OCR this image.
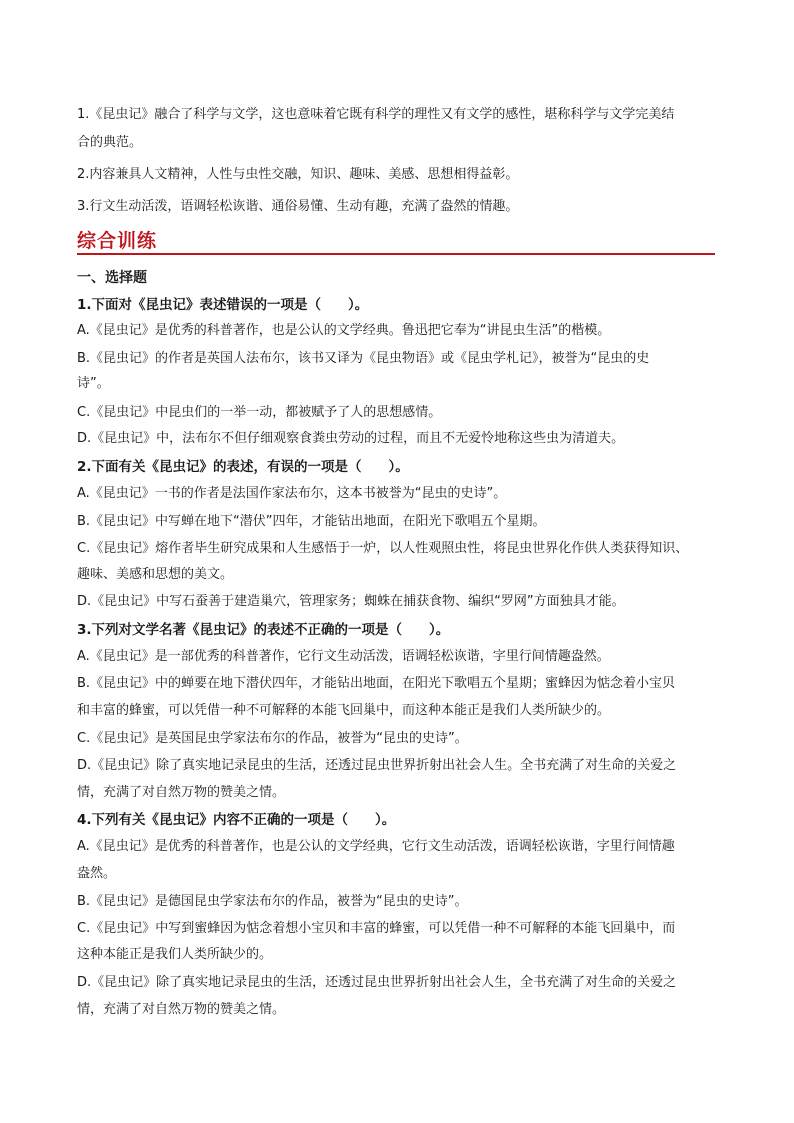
1.《昆虫记》融合了科学与文学，这也意味着它既有科学的理性又有文学的感性，堪称科学与文学完美结
合的典范。
2.内容兼具人文精神，人性与虫性交融，知识、趣味、美感、思想相得益彰。
3.行文生动活泼，语调轻松诙谐、通俗易懂、生动有趣，充满了盎然的情趣。
综合训练
一、选择题
1.下面对《昆虫记》表述错误的一项是（　　）。
A.《昆虫记》是优秀的科普著作，也是公认的文学经典。鲁迅把它奉为“讲昆虫生活”的楷模。
B.《昆虫记》的作者是英国人法布尔，该书又译为《昆虫物语》或《昆虫学札记》，被誉为“昆虫的史
诗”。
C.《昆虫记》中昆虫们的一举一动，都被赋予了人的思想感情。
D.《昆虫记》中，法布尔不但仔细观察食粪虫劳动的过程，而且不无爱怜地称这些虫为清道夫。
2.下面有关《昆虫记》的表述，有误的一项是（　　）。
A.《昆虫记》一书的作者是法国作家法布尔，这本书被誉为“昆虫的史诗”。
B.《昆虫记》中写蝉在地下“潜伏”四年，才能钻出地面，在阳光下歌唱五个星期。
C.《昆虫记》熔作者毕生研究成果和人生感悟于一炉，以人性观照虫性，将昆虫世界化作供人类获得知识、
趣味、美感和思想的美文。
D.《昆虫记》中写石蚕善于建造巢穴，管理家务；蜘蛛在捕获食物、编织“罗网”方面独具才能。
3.下列对文学名著《昆虫记》的表述不正确的一项是（　　）。
A.《昆虫记》是一部优秀的科普著作，它行文生动活泼，语调轻松诙谐，字里行间情趣盎然。
B.《昆虫记》中的蝉要在地下潜伏四年，才能钻出地面，在阳光下歌唱五个星期；蜜蜂因为惦念着小宝贝
和丰富的蜂蜜，可以凭借一种不可解释的本能飞回巢中，而这种本能正是我们人类所缺少的。
C.《昆虫记》是英国昆虫学家法布尔的作品，被誉为“昆虫的史诗”。
D.《昆虫记》除了真实地记录昆虫的生活，还透过昆虫世界折射出社会人生。全书充满了对生命的关爱之
情，充满了对自然万物的赞美之情。
4.下列有关《昆虫记》内容不正确的一项是（　　）。
A.《昆虫记》是优秀的科普著作，也是公认的文学经典，它行文生动活泼，语调轻松诙谐，字里行间情趣
盎然。
B.《昆虫记》是德国昆虫学家法布尔的作品，被誉为“昆虫的史诗”。
C.《昆虫记》中写到蜜蜂因为惦念着想小宝贝和丰富的蜂蜜，可以凭借一种不可解释的本能飞回巢中，而
这种本能正是我们人类所缺少的。
D.《昆虫记》除了真实地记录昆虫的生活，还透过昆虫世界折射出社会人生，全书充满了对生命的关爱之
情，充满了对自然万物的赞美之情。
